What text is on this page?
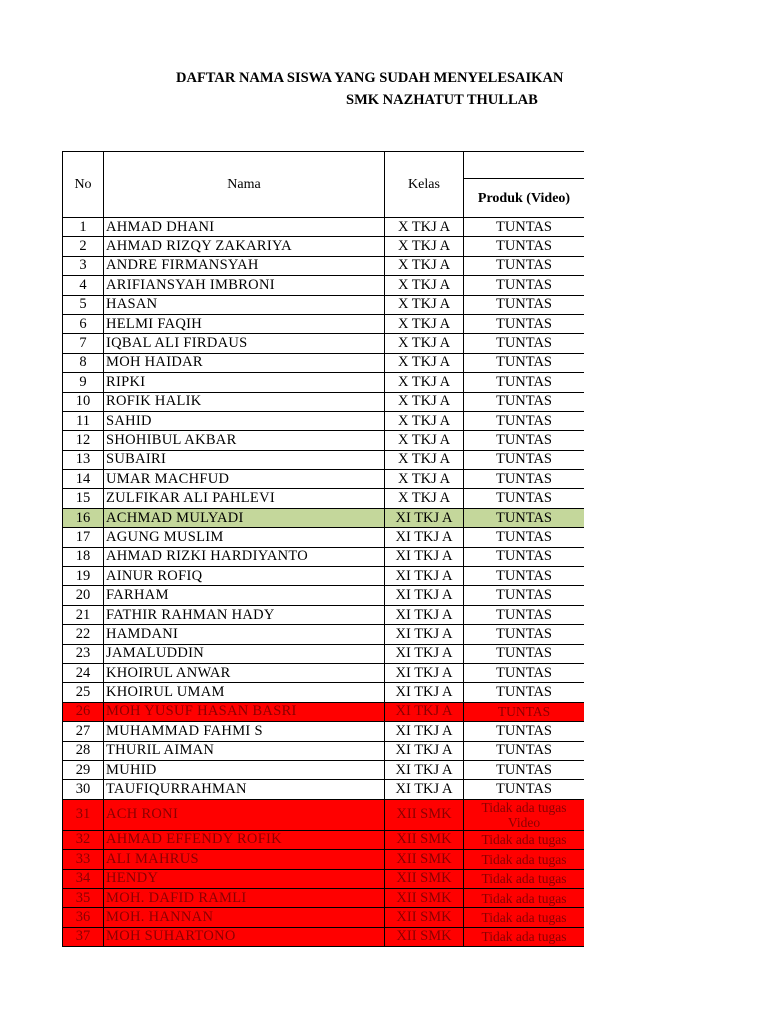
DAFTAR NAMA SISWA YANG SUDAH MENYELESAIKAN
SMK NAZHATUT THULLAB
No	Nama	Kelas		
			Produk (Video)	
1	AHMAD DHANI	X TKJ A	TUNTAS	
2	AHMAD RIZQY ZAKARIYA	X TKJ A	TUNTAS	
3	ANDRE FIRMANSYAH	X TKJ A	TUNTAS	
4	ARIFIANSYAH IMBRONI	X TKJ A	TUNTAS	
5	HASAN	X TKJ A	TUNTAS	
6	HELMI FAQIH	X TKJ A	TUNTAS	
7	IQBAL ALI FIRDAUS	X TKJ A	TUNTAS	
8	MOH HAIDAR	X TKJ A	TUNTAS	
9	RIPKI	X TKJ A	TUNTAS	
10	ROFIK HALIK	X TKJ A	TUNTAS	
11	SAHID	X TKJ A	TUNTAS	
12	SHOHIBUL AKBAR	X TKJ A	TUNTAS	
13	SUBAIRI	X TKJ A	TUNTAS	
14	UMAR MACHFUD	X TKJ A	TUNTAS	
15	ZULFIKAR ALI PAHLEVI	X TKJ A	TUNTAS	
16	ACHMAD MULYADI	XI TKJ A	TUNTAS	
17	AGUNG MUSLIM	XI TKJ A	TUNTAS	
18	AHMAD RIZKI HARDIYANTO	XI TKJ A	TUNTAS	
19	AINUR ROFIQ	XI TKJ A	TUNTAS	
20	FARHAM	XI TKJ A	TUNTAS	
21	FATHIR RAHMAN HADY	XI TKJ A	TUNTAS	
22	HAMDANI	XI TKJ A	TUNTAS	
23	JAMALUDDIN	XI TKJ A	TUNTAS	
24	KHOIRUL ANWAR	XI TKJ A	TUNTAS	
25	KHOIRUL UMAM	XI TKJ A	TUNTAS	
26	MOH YUSUF HASAN BASRI	XI TKJ A	TUNTAS	
27	MUHAMMAD FAHMI S	XI TKJ A	TUNTAS	
28	THURIL AIMAN	XI TKJ A	TUNTAS	
29	MUHID	XI TKJ A	TUNTAS	
30	TAUFIQURRAHMAN	XI TKJ A	TUNTAS	
31	ACH RONI	XII SMK	Tidak ada tugas Video	
32	AHMAD EFFENDY ROFIK	XII SMK	Tidak ada tugas	
33	ALI MAHRUS	XII SMK	Tidak ada tugas	
34	HENDY	XII SMK	Tidak ada tugas	
35	MOH. DAFID RAMLI	XII SMK	Tidak ada tugas	
36	MOH. HANNAN	XII SMK	Tidak ada tugas	
37	MOH SUHARTONO	XII SMK	Tidak ada tugas	
